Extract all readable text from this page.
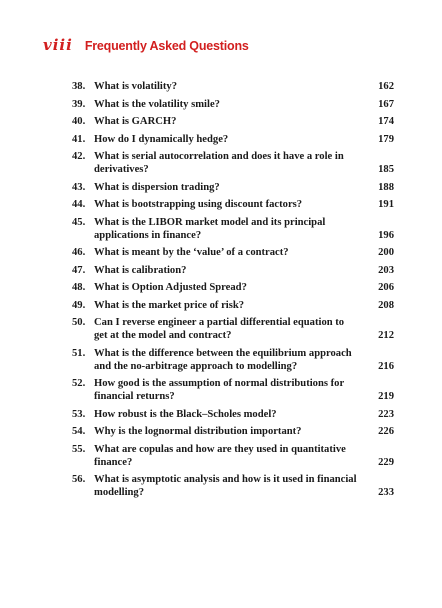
viii Frequently Asked Questions
38. What is volatility?	162
39. What is the volatility smile?	167
40. What is GARCH?	174
41. How do I dynamically hedge?	179
42. What is serial autocorrelation and does it have a role in derivatives?	185
43. What is dispersion trading?	188
44. What is bootstrapping using discount factors?	191
45. What is the LIBOR market model and its principal applications in finance?	196
46. What is meant by the ‘value’ of a contract?	200
47. What is calibration?	203
48. What is Option Adjusted Spread?	206
49. What is the market price of risk?	208
50. Can I reverse engineer a partial differential equation to get at the model and contract?	212
51. What is the difference between the equilibrium approach and the no-arbitrage approach to modelling?	216
52. How good is the assumption of normal distributions for financial returns?	219
53. How robust is the Black–Scholes model?	223
54. Why is the lognormal distribution important?	226
55. What are copulas and how are they used in quantitative finance?	229
56. What is asymptotic analysis and how is it used in financial modelling?	233
